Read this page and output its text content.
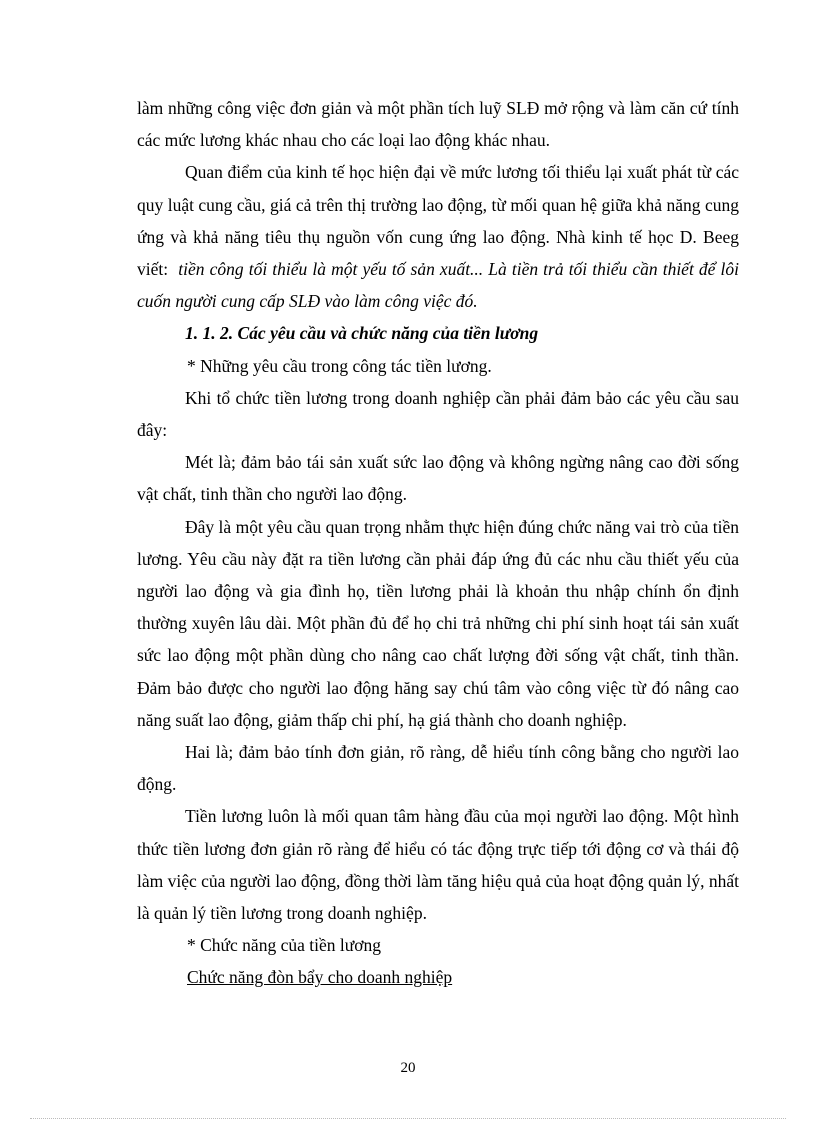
làm những công việc đơn giản và một phần tích luỹ SLĐ mở rộng và làm căn cứ tính các mức lương khác nhau cho các loại lao động khác nhau.

Quan điểm của kinh tế học hiện đại về mức lương tối thiểu lại xuất phát từ các quy luật cung cầu, giá cả trên thị trường lao động, từ mối quan hệ giữa khả năng cung ứng và khả năng tiêu thụ nguồn vốn cung ứng lao động. Nhà kinh tế học D. Beeg viết: tiền công tối thiểu là một yếu tố sản xuất... Là tiền trả tối thiểu cần thiết để lôi cuốn người cung cấp SLĐ vào làm công việc đó.

1. 1. 2. Các yêu cầu và chức năng của tiền lương

* Những yêu cầu trong công tác tiền lương.

Khi tổ chức tiền lương trong doanh nghiệp cần phải đảm bảo các yêu cầu sau đây:

Mét là; đảm bảo tái sản xuất sức lao động và không ngừng nâng cao đời sống vật chất, tinh thần cho người lao động.

Đây là một yêu cầu quan trọng nhằm thực hiện đúng chức năng vai trò của tiền lương. Yêu cầu này đặt ra tiền lương cần phải đáp ứng đủ các nhu cầu thiết yếu của người lao động và gia đình họ, tiền lương phải là khoản thu nhập chính ổn định thường xuyên lâu dài. Một phần đủ để họ chi trả những chi phí sinh hoạt tái sản xuất sức lao động một phần dùng cho nâng cao chất lượng đời sống vật chất, tinh thần. Đảm bảo được cho người lao động hăng say chú tâm vào công việc từ đó nâng cao năng suất lao động, giảm thấp chi phí, hạ giá thành cho doanh nghiệp.

Hai là; đảm bảo tính đơn giản, rõ ràng, dễ hiểu tính công bằng cho người lao động.

Tiền lương luôn là mối quan tâm hàng đầu của mọi người lao động. Một hình thức tiền lương đơn giản rõ ràng để hiểu có tác động trực tiếp tới động cơ và thái độ làm việc của người lao động, đồng thời làm tăng hiệu quả của hoạt động quản lý, nhất là quản lý tiền lương trong doanh nghiệp.

* Chức năng của tiền lương

Chức năng đòn bẩy cho doanh nghiệp

20
